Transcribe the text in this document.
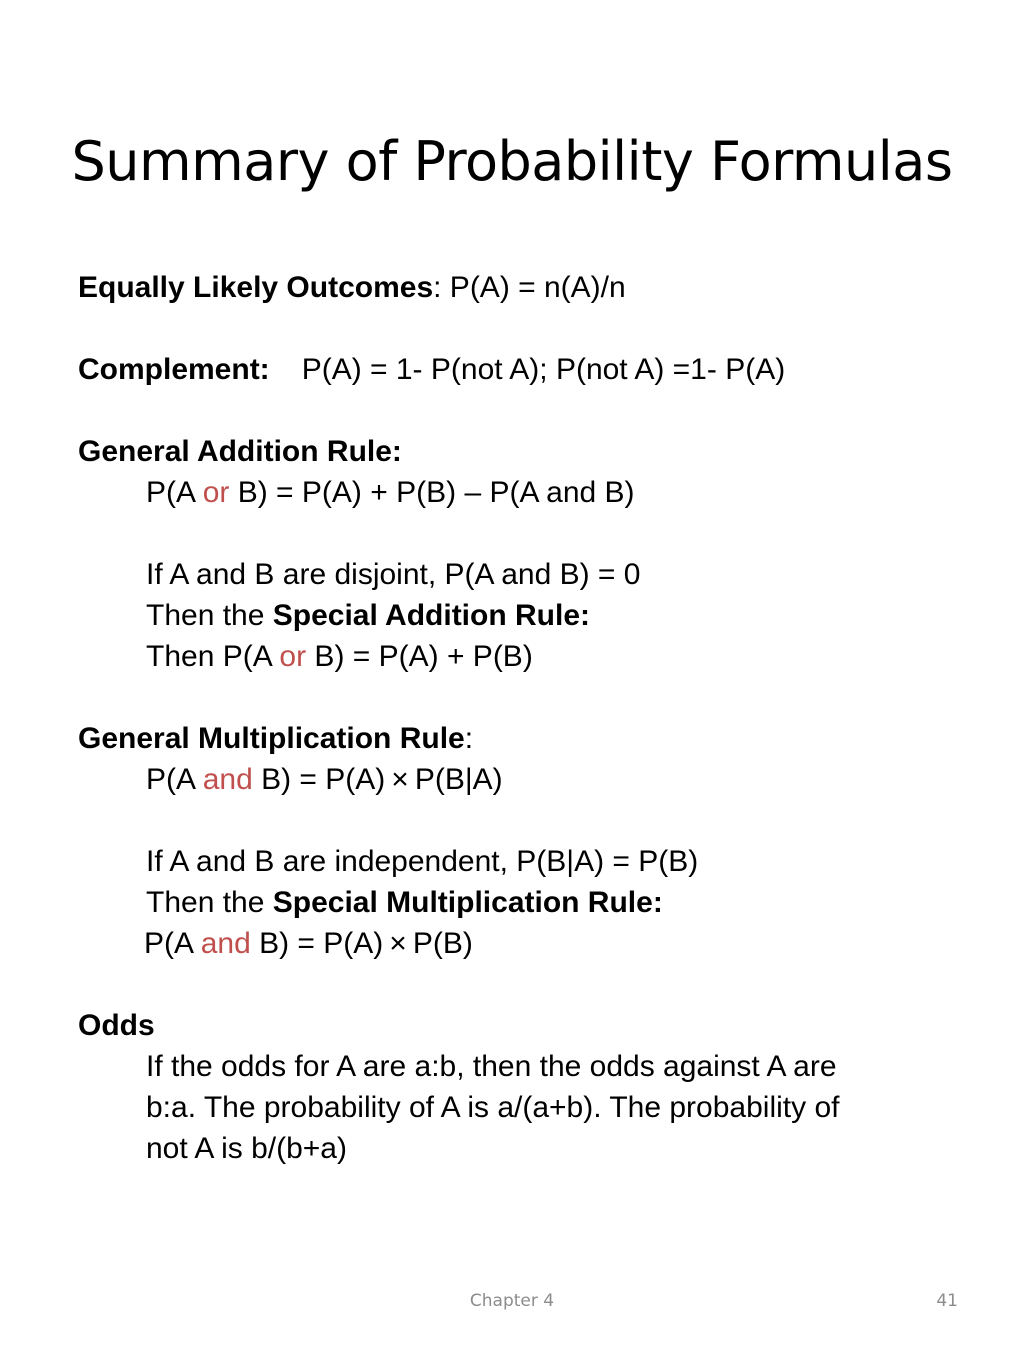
Summary of Probability Formulas
Equally Likely Outcomes: P(A) = n(A)/n
Complement: P(A) = 1- P(not A); P(not A) =1- P(A)
General Addition Rule:
P(A or B) = P(A) + P(B) – P(A and B)
If A and B are disjoint, P(A and B) = 0
Then the Special Addition Rule:
Then P(A or B) = P(A) + P(B)
General Multiplication Rule:
P(A and B) = P(A) × P(B|A)
If A and B are independent, P(B|A) = P(B)
Then the Special Multiplication Rule:
P(A and B) = P(A) × P(B)
Odds
If the odds for A are a:b, then the odds against A are
b:a. The probability of A is a/(a+b). The probability of
not A is b/(b+a)
Chapter 4	41
